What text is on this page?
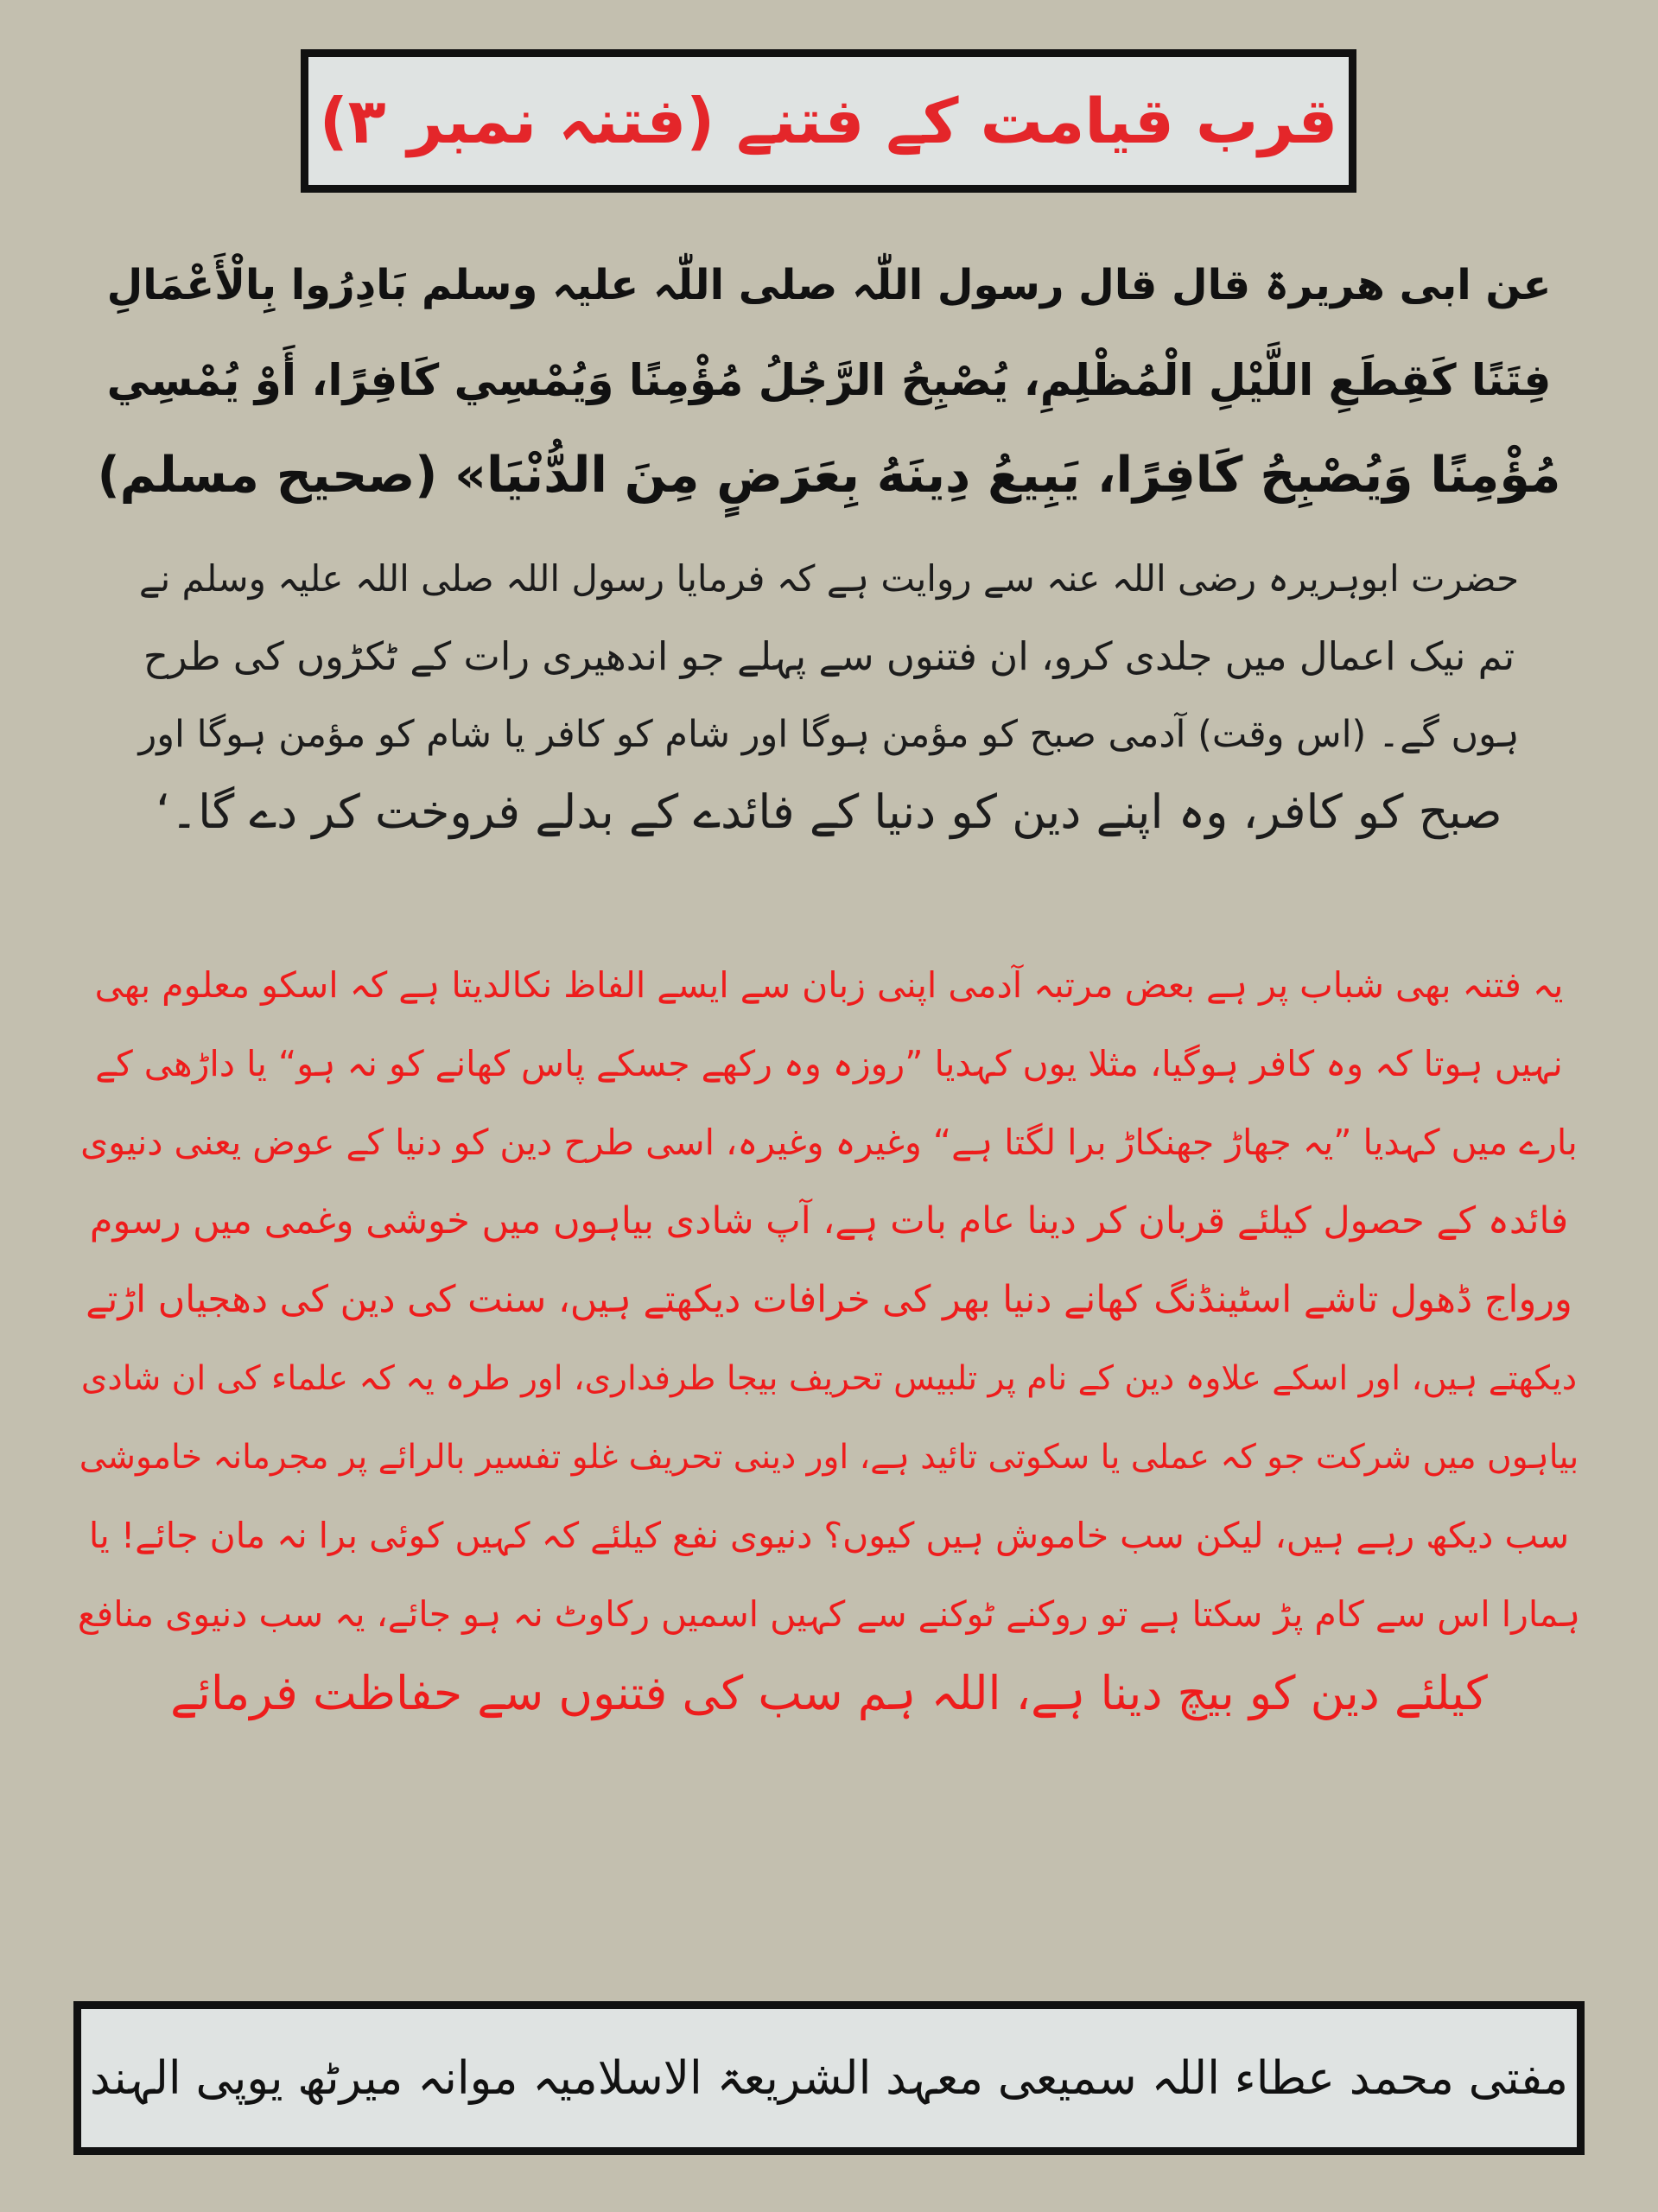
قرب قیامت کے فتنے (فتنہ نمبر ۳)
عن ابی ھریرۃ قال قال رسول اللّٰہ صلی اللّٰہ علیہ وسلم بَادِرُوا بِالْأَعْمَالِ
فِتَنًا كَقِطَعِ اللَّيْلِ الْمُظْلِمِ، يُصْبِحُ الرَّجُلُ مُؤْمِنًا وَيُمْسِي كَافِرًا، أَوْ يُمْسِي
مُؤْمِنًا وَيُصْبِحُ كَافِرًا، يَبِيعُ دِينَهُ بِعَرَضٍ مِنَ الدُّنْيَا» (صحیح مسلم)
حضرت ابوہریرہ رضی اللہ عنہ سے روایت ہے کہ فرمایا رسول اللہ صلی اللہ علیہ وسلم نے
تم نیک اعمال میں جلدی کرو، ان فتنوں سے پہلے جو اندھیری رات کے ٹکڑوں کی طرح
ہوں گے۔ (اس وقت) آدمی صبح کو مؤمن ہوگا اور شام کو کافر یا شام کو مؤمن ہوگا اور
صبح کو کافر، وہ اپنے دین کو دنیا کے فائدے کے بدلے فروخت کر دے گا۔‘
یہ فتنہ بھی شباب پر ہے بعض مرتبہ آدمی اپنی زبان سے ایسے الفاظ نکالدیتا ہے کہ اسکو معلوم بھی
نہیں ہوتا کہ وہ کافر ہوگیا، مثلا یوں کہدیا ”روزہ وہ رکھے جسکے پاس کھانے کو نہ ہو“ یا داڑھی کے
بارے میں کہدیا ”یہ جھاڑ جھنکاڑ برا لگتا ہے“ وغیرہ وغیرہ، اسی طرح دین کو دنیا کے عوض یعنی دنیوی
فائدہ کے حصول کیلئے قربان کر دینا عام بات ہے، آپ شادی بیاہوں میں خوشی وغمی میں رسوم
ورواج ڈھول تاشے اسٹینڈنگ کھانے دنیا بھر کی خرافات دیکھتے ہیں، سنت کی دین کی دھجیاں اڑتے
دیکھتے ہیں، اور اسکے علاوہ دین کے نام پر تلبیس تحریف بیجا طرفداری، اور طرہ یہ کہ علماء کی ان شادی
بیاہوں میں شرکت جو کہ عملی یا سکوتی تائید ہے، اور دینی تحریف غلو تفسیر بالرائے پر مجرمانہ خاموشی
سب دیکھ رہے ہیں، لیکن سب خاموش ہیں کیوں؟ دنیوی نفع کیلئے کہ کہیں کوئی برا نہ مان جائے! یا
ہمارا اس سے کام پڑ سکتا ہے تو روکنے ٹوکنے سے کہیں اسمیں رکاوٹ نہ ہو جائے، یہ سب دنیوی منافع
کیلئے دین کو بیچ دینا ہے، اللہ ہم سب کی فتنوں سے حفاظت فرمائے
مفتی محمد عطاء اللہ سمیعی معہد الشریعۃ الاسلامیہ موانہ میرٹھ یوپی الہند
